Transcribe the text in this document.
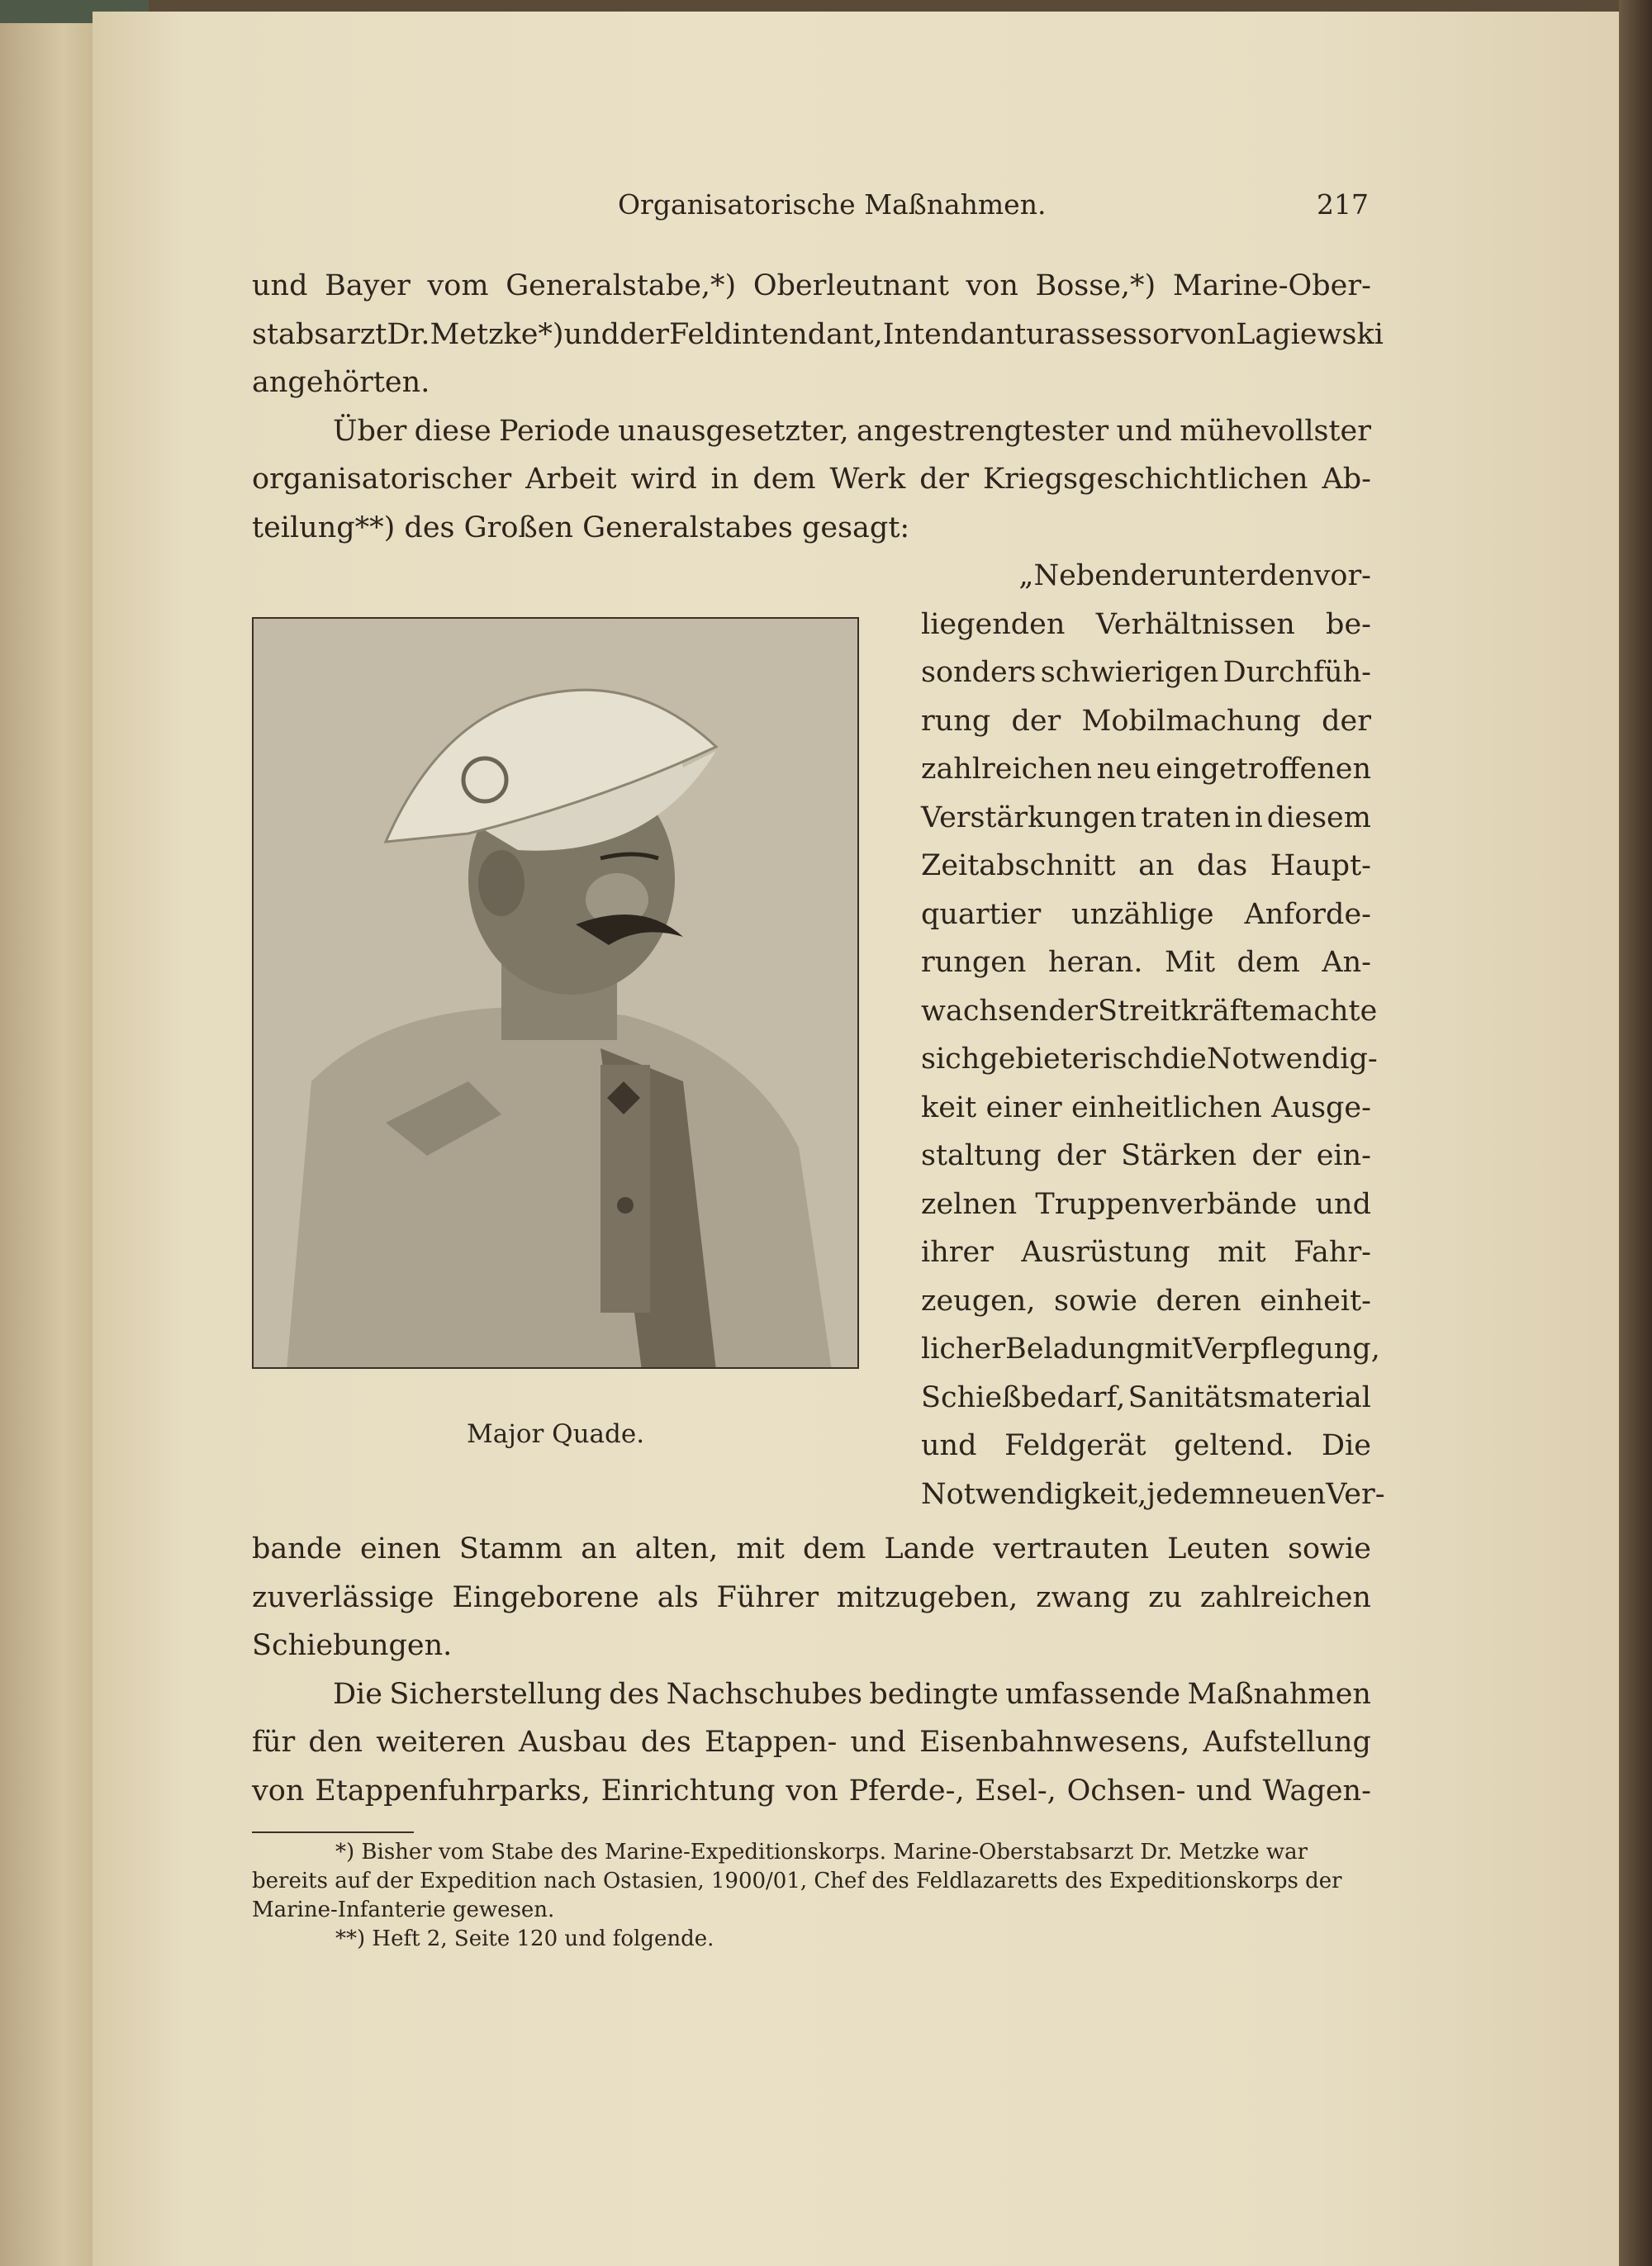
Organisatorische Maßnahmen.	217
und Bayer vom Generalstabe,*) Oberleutnant von Bosse,*) Marine-Ober-
stabsarzt Dr. Metzke*) und der Feldintendant, Intendanturassessor von Lagiewski
angehörten.
Über diese Periode unausgesetzter, angestrengtester und mühevollster
organisatorischer Arbeit wird in dem Werk der Kriegsgeschichtlichen Ab-
teilung**) des Großen Generalstabes gesagt:
Major Quade.
„Neben der unter den vor-
liegenden Verhältnissen be-
sonders schwierigen Durchfüh-
rung der Mobilmachung der
zahlreichen neu eingetroffenen
Verstärkungen traten in diesem
Zeitabschnitt an das Haupt-
quartier unzählige Anforde-
rungen heran. Mit dem An-
wachsen der Streitkräfte machte
sich gebieterisch die Notwendig-
keit einer einheitlichen Ausge-
staltung der Stärken der ein-
zelnen Truppenverbände und
ihrer Ausrüstung mit Fahr-
zeugen, sowie deren einheit-
licher Beladung mit Verpflegung,
Schießbedarf, Sanitätsmaterial
und Feldgerät geltend. Die
Notwendigkeit, jedem neuen Ver-
bande einen Stamm an alten, mit dem Lande vertrauten Leuten sowie
zuverlässige Eingeborene als Führer mitzugeben, zwang zu zahlreichen
Schiebungen.
Die Sicherstellung des Nachschubes bedingte umfassende Maßnahmen
für den weiteren Ausbau des Etappen- und Eisenbahnwesens, Aufstellung
von Etappenfuhrparks, Einrichtung von Pferde-, Esel-, Ochsen- und Wagen-
*) Bisher vom Stabe des Marine-Expeditionskorps. Marine-Oberstabsarzt Dr. Metzke war
bereits auf der Expedition nach Ostasien, 1900/01, Chef des Feldlazaretts des Expeditionskorps der
Marine-Infanterie gewesen.
**) Heft 2, Seite 120 und folgende.
